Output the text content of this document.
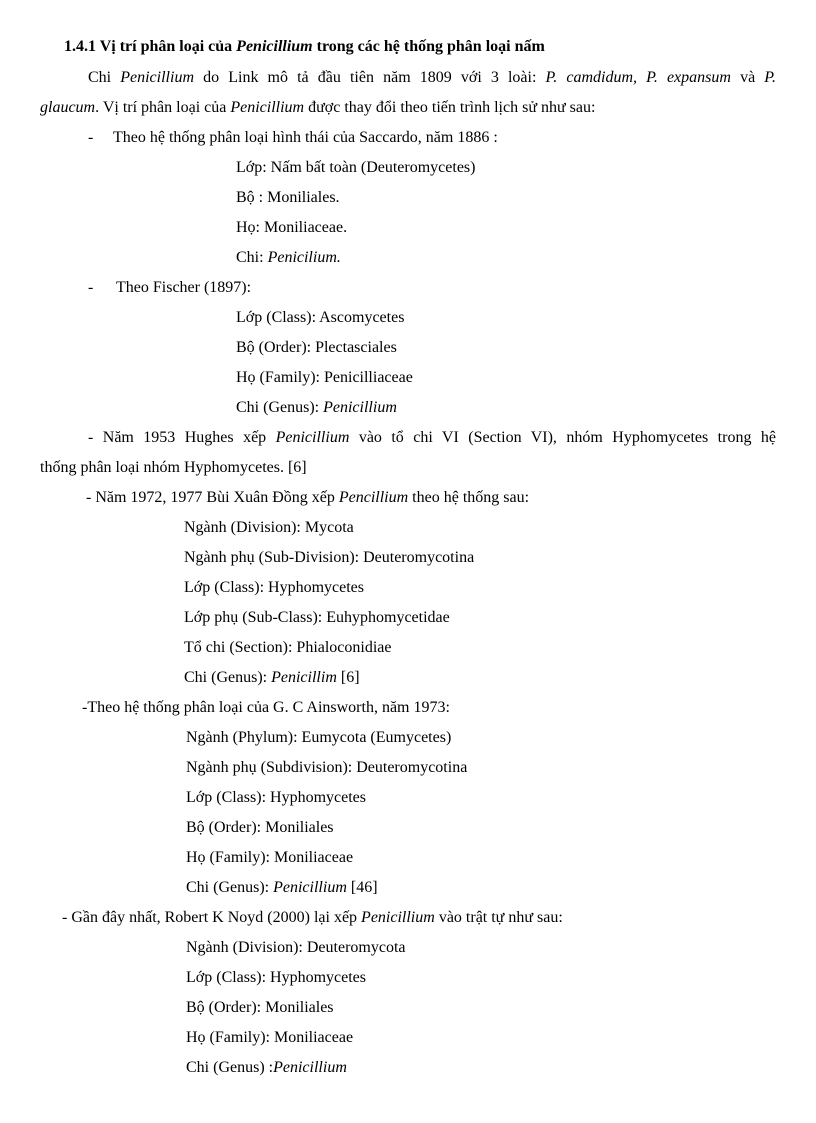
1.4.1 Vị trí phân loại của Penicillium trong các hệ thống phân loại nấm
Chi Penicillium do Link mô tả đầu tiên năm 1809 với 3 loài: P. camdidum, P. expansum và P.
glaucum. Vị trí phân loại của Penicillium được thay đổi theo tiến trình lịch sử như sau:
- Theo hệ thống phân loại hình thái của Saccardo, năm 1886 :
Lớp: Nấm bất toàn (Deuteromycetes)
Bộ : Moniliales.
Họ: Moniliaceae.
Chi: Penicilium.
- Theo Fischer (1897):
Lớp (Class): Ascomycetes
Bộ (Order): Plectasciales
Họ (Family): Penicilliaceae
Chi (Genus): Penicillium
- Năm 1953 Hughes xếp Penicillium vào tổ chi VI (Section VI), nhóm Hyphomycetes trong hệ
thống phân loại nhóm Hyphomycetes. [6]
- Năm 1972, 1977 Bùi Xuân Đồng xếp Pencillium theo hệ thống sau:
Ngành (Division): Mycota
Ngành phụ (Sub-Division): Deuteromycotina
Lớp (Class): Hyphomycetes
Lớp phụ (Sub-Class): Euhyphomycetidae
Tổ chi (Section): Phialoconidiae
Chi (Genus): Penicillim [6]
-Theo hệ thống phân loại của G. C Ainsworth, năm 1973:
Ngành (Phylum): Eumycota (Eumycetes)
Ngành phụ (Subdivision): Deuteromycotina
Lớp (Class): Hyphomycetes
Bộ (Order): Moniliales
Họ (Family): Moniliaceae
Chi (Genus): Penicillium [46]
- Gần đây nhất, Robert K Noyd (2000) lại xếp Penicillium vào trật tự như sau:
Ngành (Division): Deuteromycota
Lớp (Class): Hyphomycetes
Bộ (Order): Moniliales
Họ (Family): Moniliaceae
Chi (Genus) :Penicillium
